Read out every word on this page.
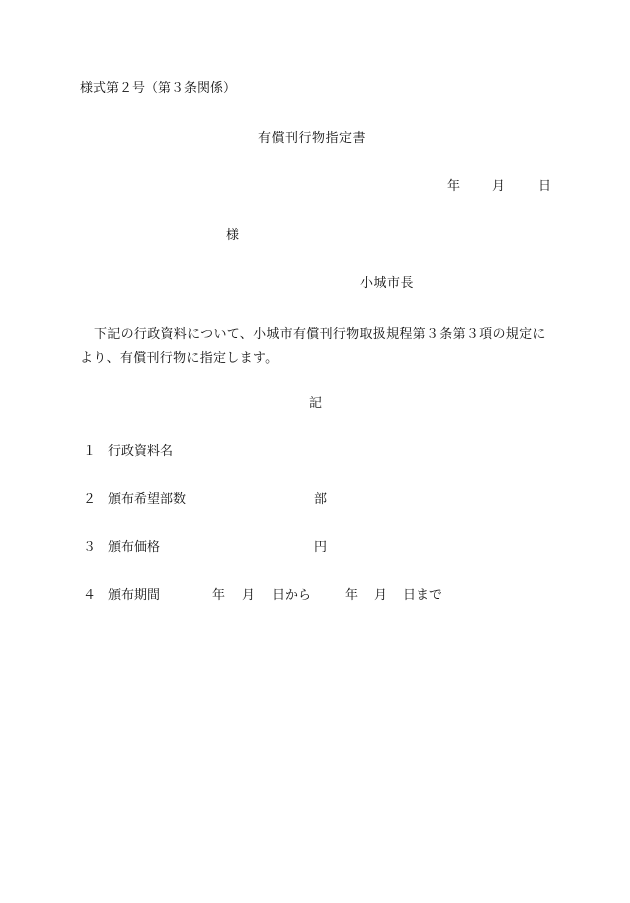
様式第２号（第３条関係）
有償刊行物指定書
年 月	日
様
小城市長
下記の行政資料について、小城市有償刊行物取扱規程第３条第３項の規定により、有償刊行物に指定します。
記
１ 行政資料名
２ 頒布希望部数	部
３ 頒布価格	円
４ 頒布期間	年 月 日から	年 月 日まで
